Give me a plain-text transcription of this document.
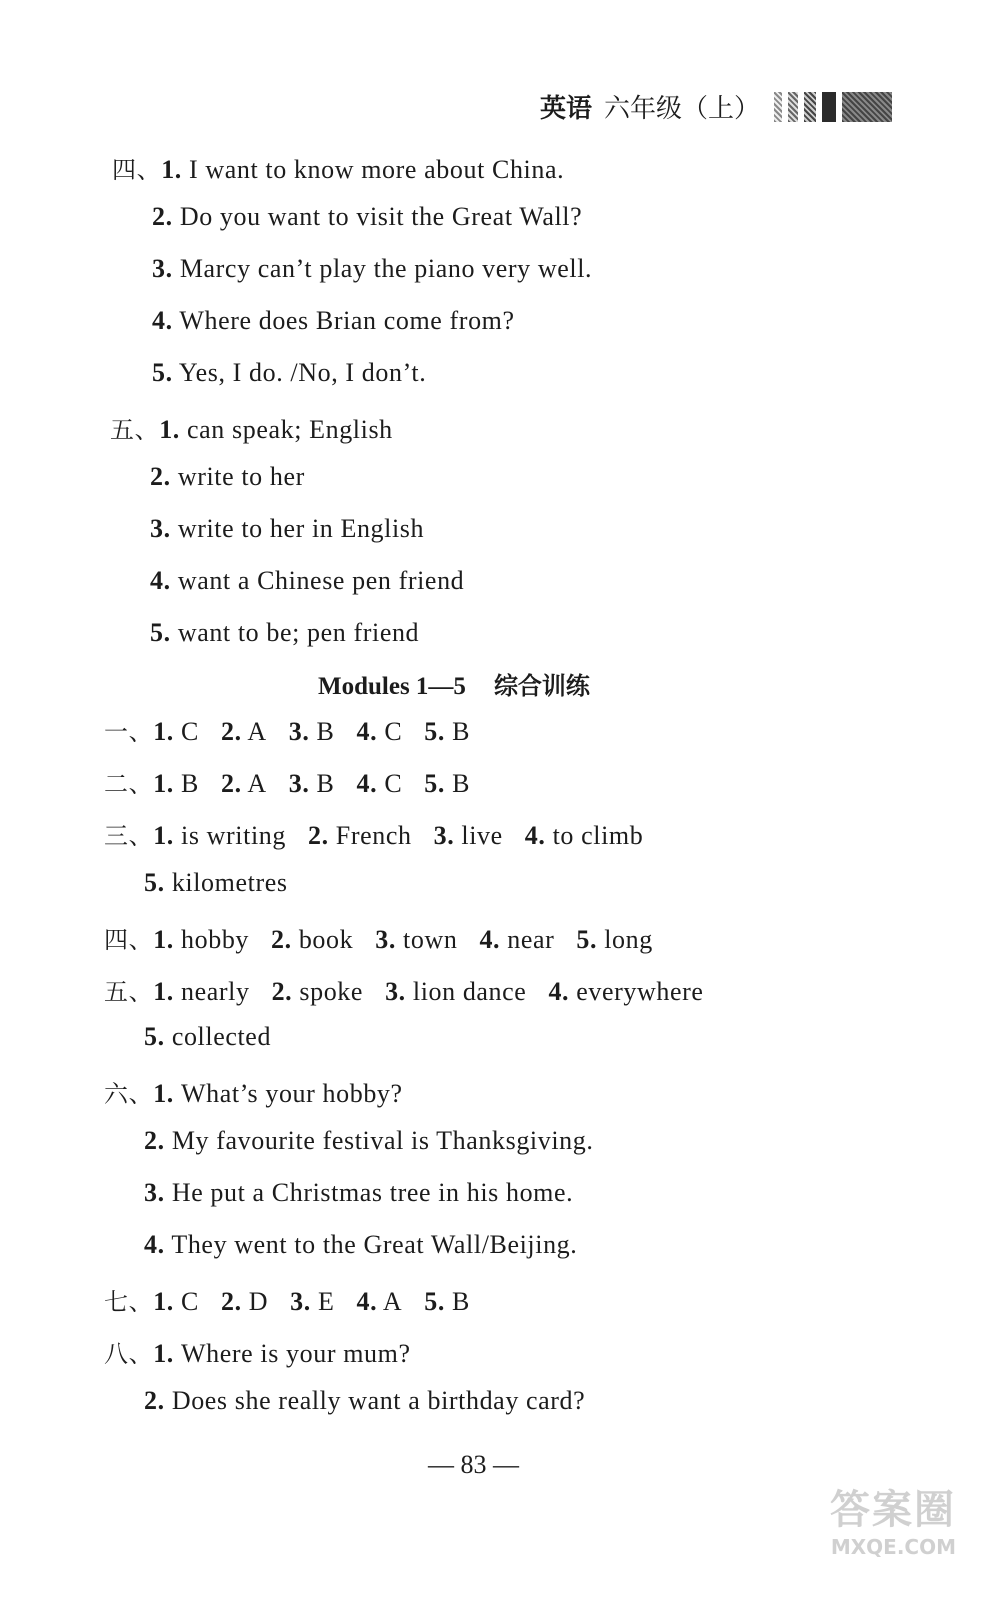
英语 六年级（上）
四、1. I want to know more about China.
2. Do you want to visit the Great Wall?
3. Marcy can’t play the piano very well.
4. Where does Brian come from?
5. Yes, I do. /No, I don’t.
五、1. can speak; English
2. write to her
3. write to her in English
4. want a Chinese pen friend
5. want to be; pen friend
Modules 1—5 综合训练
一、1. C 2. A 3. B 4. C 5. B
二、1. B 2. A 3. B 4. C 5. B
三、1. is writing 2. French 3. live 4. to climb
5. kilometres
四、1. hobby 2. book 3. town 4. near 5. long
五、1. nearly 2. spoke 3. lion dance 4. everywhere
5. collected
六、1. What’s your hobby?
2. My favourite festival is Thanksgiving.
3. He put a Christmas tree in his home.
4. They went to the Great Wall/Beijing.
七、1. C 2. D 3. E 4. A 5. B
八、1. Where is your mum?
2. Does she really want a birthday card?
— 83 —
答案圈
MXQE.COM
